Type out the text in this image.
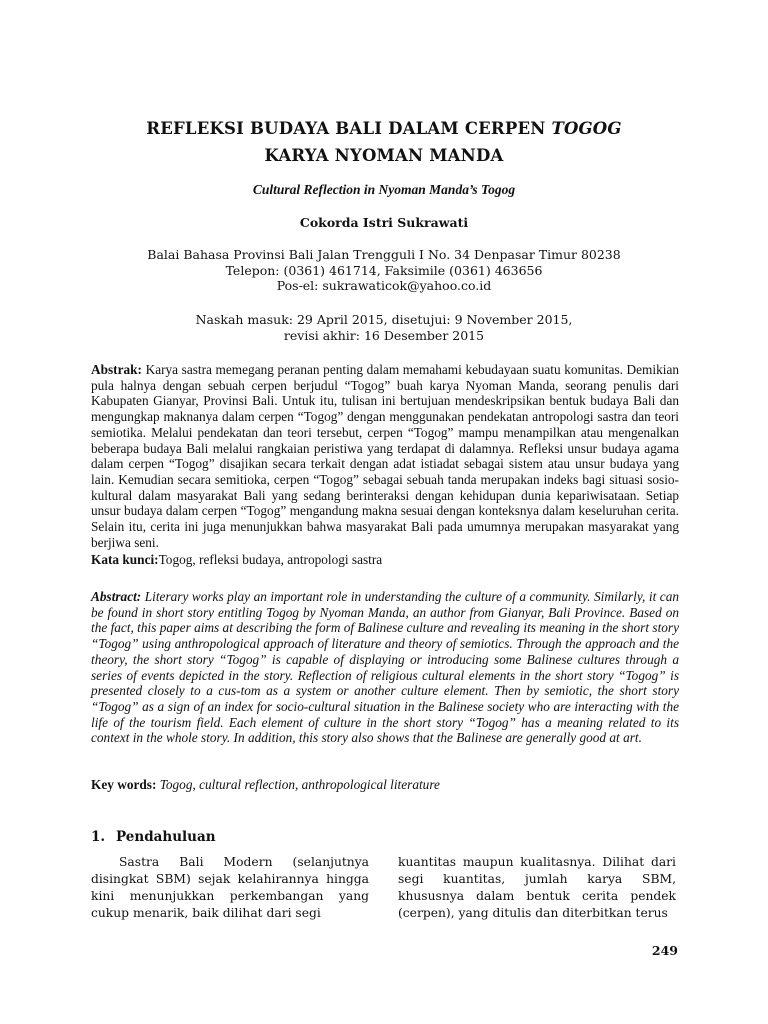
REFLEKSI BUDAYA BALI DALAM CERPEN TOGOG
KARYA NYOMAN MANDA

Cultural Reflection in Nyoman Manda’s Togog

Cokorda Istri Sukrawati

Balai Bahasa Provinsi Bali Jalan Trengguli I No. 34 Denpasar Timur 80238
Telepon: (0361) 461714, Faksimile (0361) 463656
Pos-el: sukrawaticok@yahoo.co.id
Naskah masuk: 29 April 2015, disetujui: 9 November 2015,
revisi akhir: 16 Desember 2015

Abstrak: Karya sastra memegang peranan penting dalam memahami kebudayaan suatu komunitas. Demikian pula halnya dengan sebuah cerpen berjudul “Togog” buah karya Nyoman Manda, seorang penulis dari Kabupaten Gianyar, Provinsi Bali. Untuk itu, tulisan ini bertujuan mendeskripsikan bentuk budaya Bali dan mengungkap maknanya dalam cerpen “Togog” dengan menggunakan pendekatan antropologi sastra dan teori semiotika. Melalui pendekatan dan teori tersebut, cerpen “Togog” mampu menampilkan atau mengenalkan beberapa budaya Bali melalui rangkaian peristiwa yang terdapat di dalamnya. Refleksi unsur budaya agama dalam cerpen “Togog” disajikan secara terkait dengan adat istiadat sebagai sistem atau unsur budaya yang lain. Kemudian secara semitioka, cerpen “Togog” sebagai sebuah tanda merupakan indeks bagi situasi sosio-kultural dalam masyarakat Bali yang sedang berinteraksi dengan kehidupan dunia kepariwisataan. Setiap unsur budaya dalam cerpen “Togog” mengandung makna sesuai dengan konteksnya dalam keseluruhan cerita. Selain itu, cerita ini juga menunjukkan bahwa masyarakat Bali pada umumnya merupakan masyarakat yang berjiwa seni.

Kata kunci:Togog, refleksi budaya, antropologi sastra

Abstract: Literary works play an important role in understanding the culture of a community. Similarly, it can be found in short story entitling Togog by Nyoman Manda, an author from Gianyar, Bali Province. Based on the fact, this paper aims at describing the form of Balinese culture and revealing its meaning in the short story “Togog” using anthropological approach of literature and theory of semiotics. Through the approach and the theory, the short story “Togog” is capable of displaying or introducing some Balinese cultures through a series of events depicted in the story. Reflection of religious cultural elements in the short story “Togog” is presented closely to a cus-tom as a system or another culture element. Then by semiotic, the short story “Togog” as a sign of an index for socio-cultural situation in the Balinese society who are interacting with the life of the tourism field. Each element of culture in the short story “Togog” has a meaning related to its context in the whole story. In addition, this story also shows that the Balinese are generally good at art.

Key words: Togog, cultural reflection, anthropological literature

1. Pendahuluan

Sastra Bali Modern (selanjutnya disingkat SBM) sejak kelahirannya hingga kini menunjukkan perkembangan yang cukup menarik, baik dilihat dari segi

kuantitas maupun kualitasnya. Dilihat dari segi kuantitas, jumlah karya SBM, khususnya dalam bentuk cerita pendek (cerpen), yang ditulis dan diterbitkan terus

249
